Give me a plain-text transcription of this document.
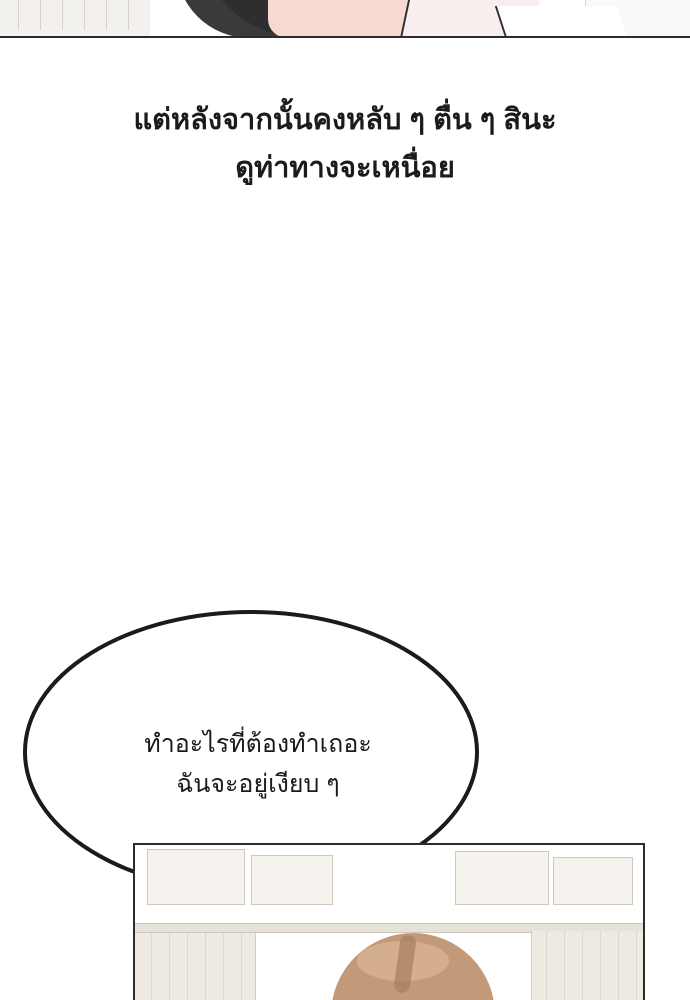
แต่หลังจากนั้นคงหลับ ๆ ตื่น ๆ สินะ
ดูท่าทางจะเหนื่อย
ทำอะไรที่ต้องทำเถอะ
ฉันจะอยู่เงียบ ๆ
